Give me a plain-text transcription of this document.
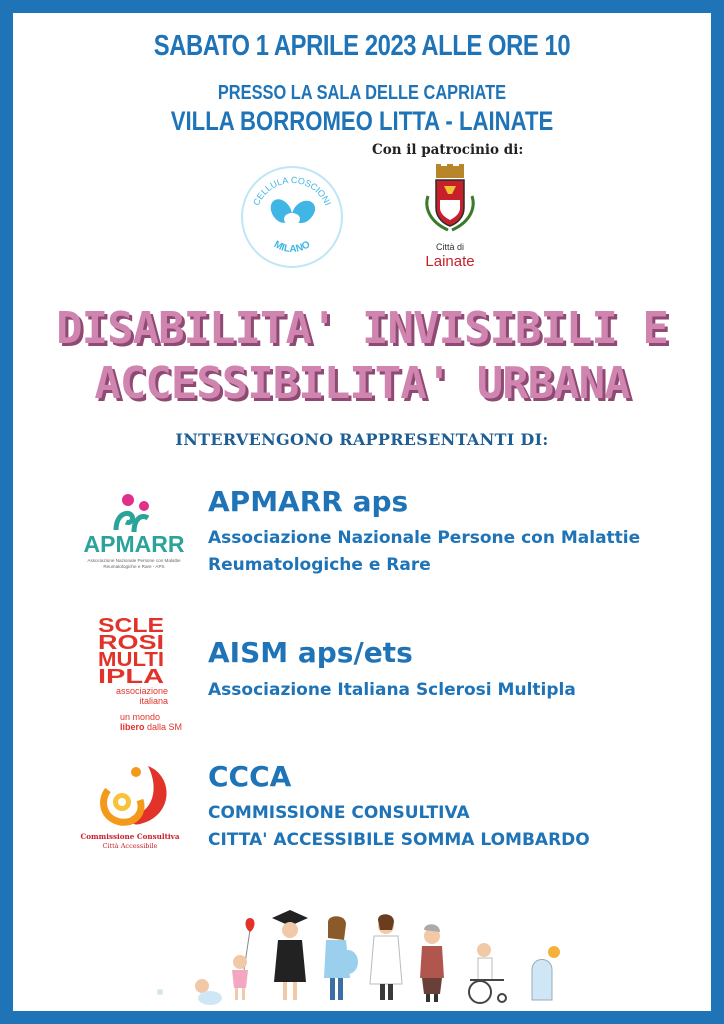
SABATO 1 APRILE 2023 ALLE ORE 10
PRESSO LA SALA DELLE CAPRIATE
VILLA BORROMEO LITTA - LAINATE
Con il patrocinio di:
CELLULA COSCIONI
MILANO	Città di
Lainate
DISABILITA' INVISIBILI E
ACCESSIBILITA' URBANA
INTERVENGONO RAPPRESENTANTI DI:
APMARR
Associazione Nazionale Persone con Malattie
Reumatologiche e Rare - APS
APMARR aps
Associazione Nazionale Persone con Malattie
Reumatologiche e Rare
SCLE
ROSI
MULTI
IPLA
associazione
italiana
un mondo
libero dalla SM
AISM aps/ets
Associazione Italiana Sclerosi Multipla
Commissione Consultiva
Città Accessibile
CCCA
COMMISSIONE CONSULTIVA
CITTA' ACCESSIBILE SOMMA LOMBARDO
